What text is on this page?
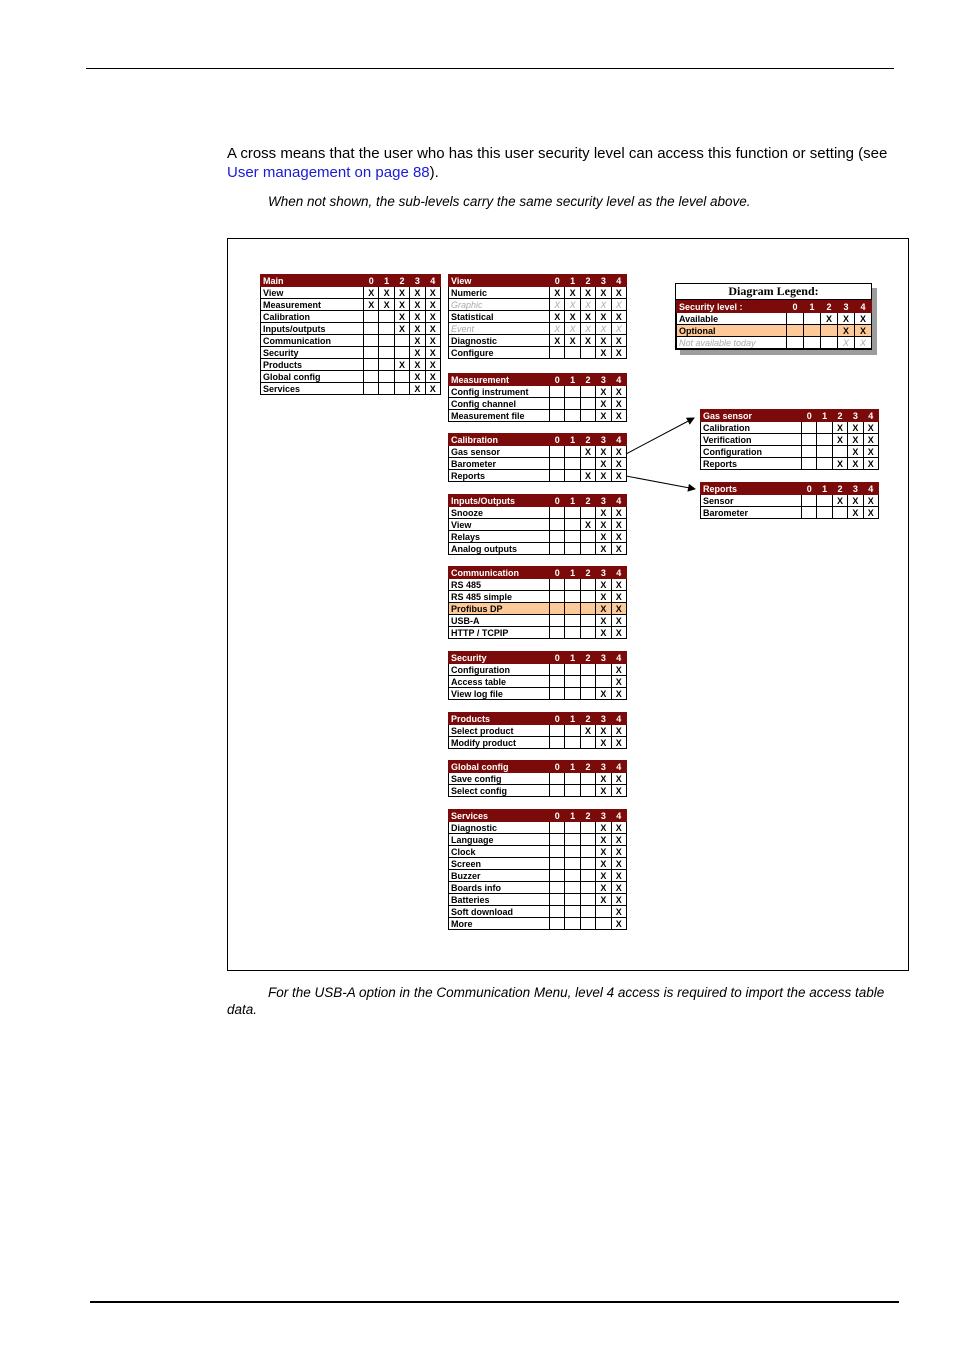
A cross means that the user who has this user security level can access this function or setting (see User management on page 88).
When not shown, the sub-levels carry the same security level as the level above.
Main	0	1	2	3	4
View	X	X	X	X	X
Measurement	X	X	X	X	X
Calibration			X	X	X
Inputs/outputs			X	X	X
Communication				X	X
Security				X	X
Products			X	X	X
Global config				X	X
Services				X	X
View	0	1	2	3	4
Numeric	X	X	X	X	X
Graphic	X	X	X	X	X
Statistical	X	X	X	X	X
Event	X	X	X	X	X
Diagnostic	X	X	X	X	X
Configure				X	X
Measurement	0	1	2	3	4
Config instrument				X	X
Config channel				X	X
Measurement file				X	X
Calibration	0	1	2	3	4
Gas sensor			X	X	X
Barometer				X	X
Reports			X	X	X
Inputs/Outputs	0	1	2	3	4
Snooze				X	X
View			X	X	X
Relays				X	X
Analog outputs				X	X
Communication	0	1	2	3	4
RS 485				X	X
RS 485 simple				X	X
Profibus DP				X	X
USB-A				X	X
HTTP / TCPIP				X	X
Security	0	1	2	3	4
Configuration					X
Access table					X
View log file				X	X
Products	0	1	2	3	4
Select product			X	X	X
Modify product				X	X
Global config	0	1	2	3	4
Save config				X	X
Select config				X	X
Services	0	1	2	3	4
Diagnostic				X	X
Language				X	X
Clock				X	X
Screen				X	X
Buzzer				X	X
Boards info				X	X
Batteries				X	X
Soft download					X
More					X
Gas sensor	0	1	2	3	4
Calibration			X	X	X
Verification			X	X	X
Configuration				X	X
Reports			X	X	X
Reports	0	1	2	3	4
Sensor			X	X	X
Barometer				X	X
Diagram Legend:
Security level :	0	1	2	3	4
Available			X	X	X
Optional				X	X
Not available today				X	X
For the USB-A option in the Communication Menu, level 4 access is required to import the access table data.
